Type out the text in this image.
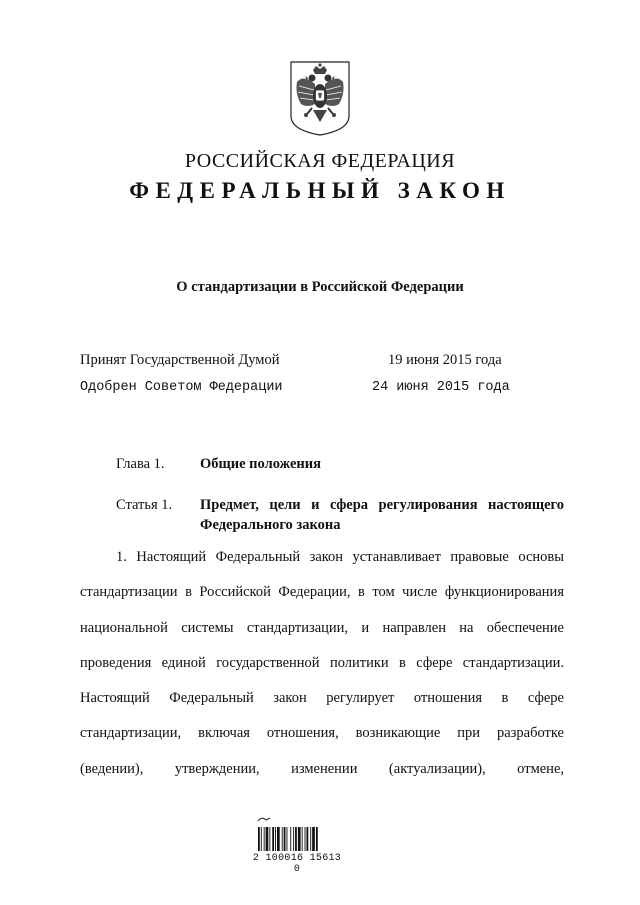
РОССИЙСКАЯ ФЕДЕРАЦИЯ
ФЕДЕРАЛЬНЫЙ ЗАКОН
О стандартизации в Российской Федерации
Принят Государственной Думой	19 июня 2015 года
Одобрен Советом Федерации	24 июня 2015 года
Глава 1. Общие положения
Статья 1. Предмет, цели и сфера регулирования настоящего
Федерального закона
1. Настоящий Федеральный закон устанавливает правовые основы
стандартизации в Российской Федерации, в том числе функционирования
национальной системы стандартизации, и направлен на обеспечение
проведения единой государственной политики в сфере стандартизации.
Настоящий Федеральный закон регулирует отношения в сфере
стандартизации, включая отношения, возникающие при разработке
(ведении), утверждении, изменении (актуализации), отмене,
2 100016 15613 0
